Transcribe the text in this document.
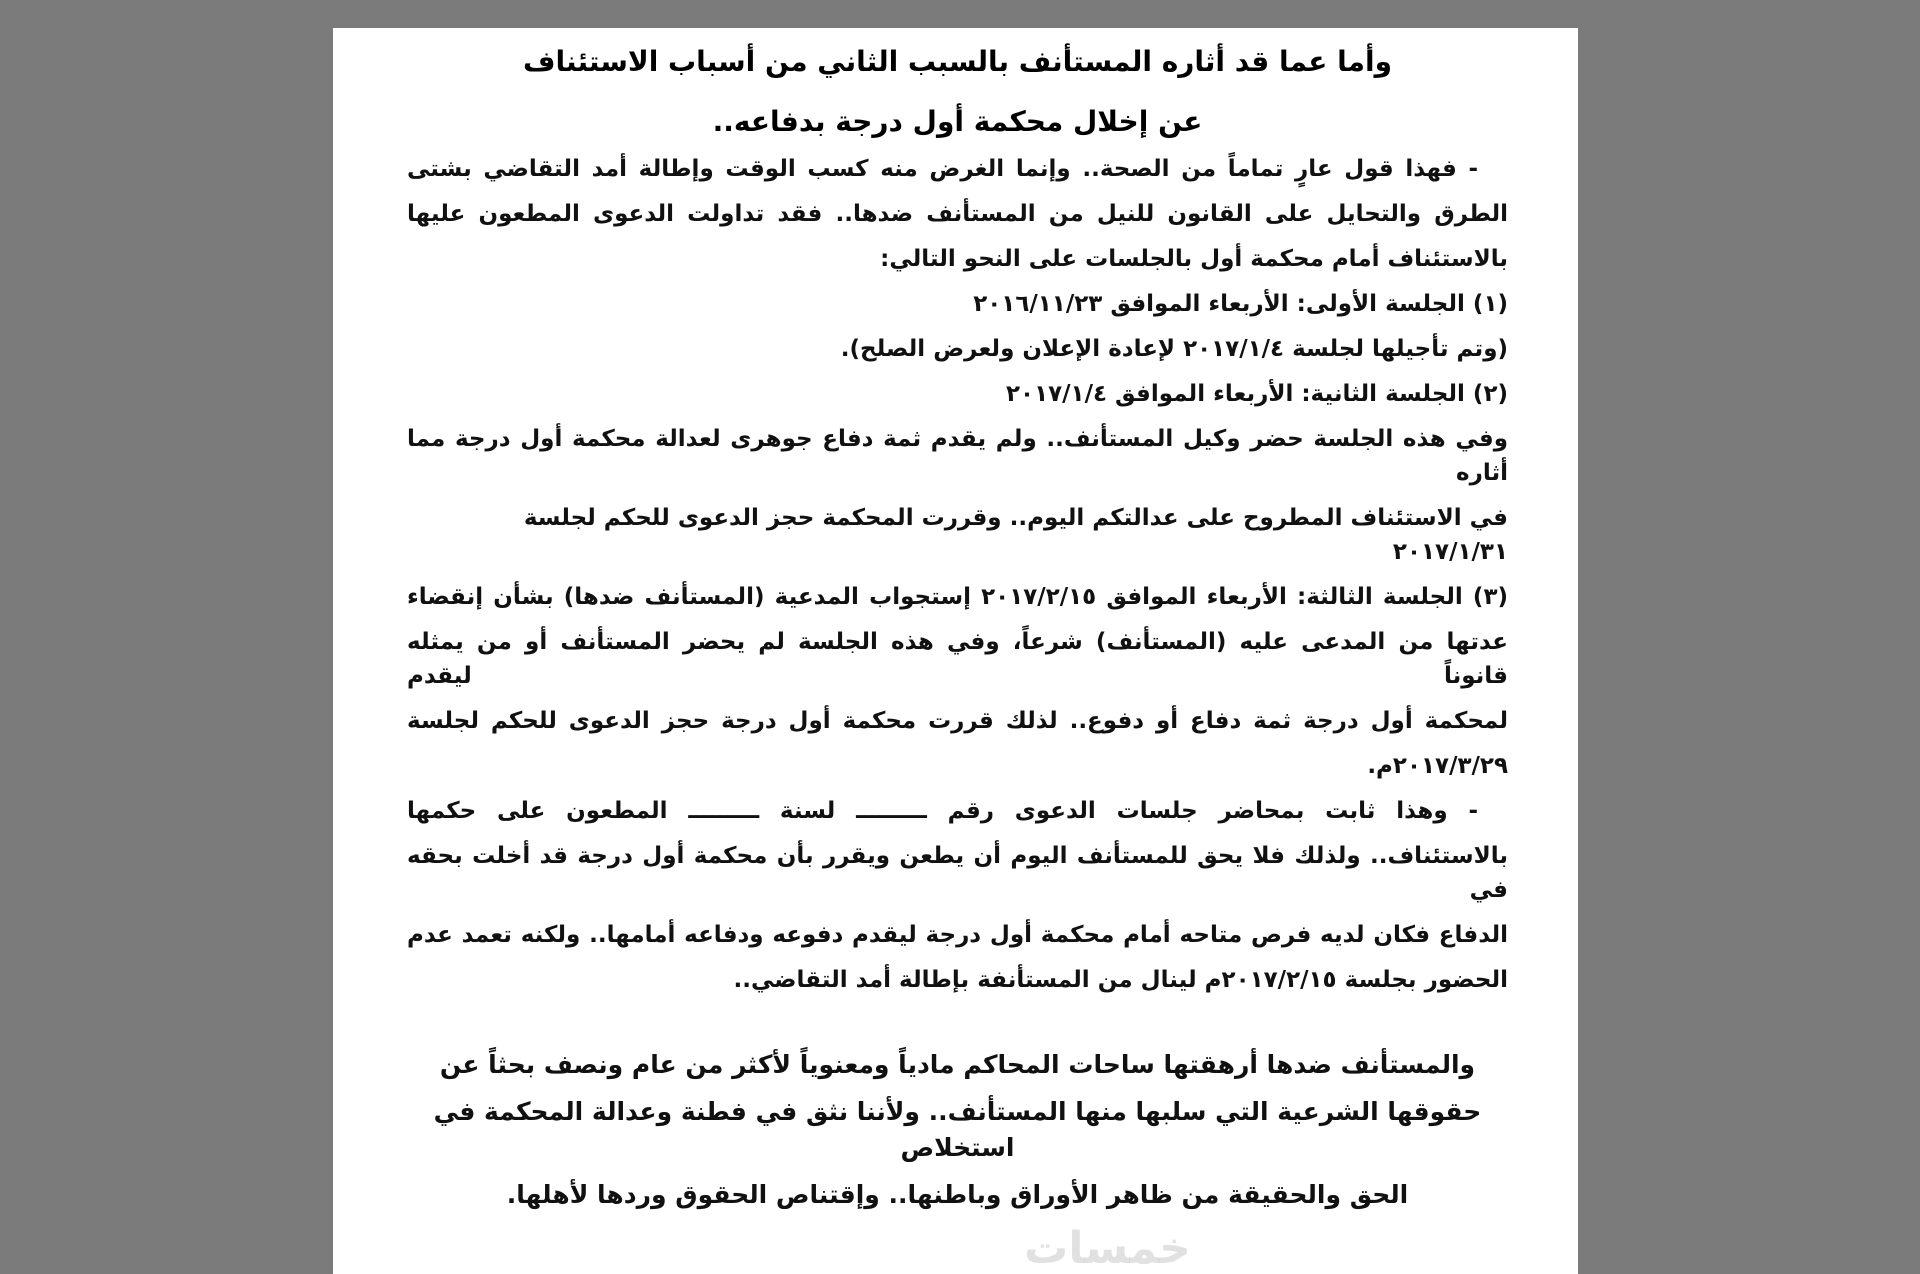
وأما عما قد أثاره المستأنف بالسبب الثاني من أسباب الاستئناف
عن إخلال محكمة أول درجة بدفاعه..
- فهذا قول عارٍ تماماً من الصحة.. وإنما الغرض منه كسب الوقت وإطالة أمد التقاضي بشتى
الطرق والتحايل على القانون للنيل من المستأنف ضدها.. فقد تداولت الدعوى المطعون عليها
بالاستئناف أمام محكمة أول بالجلسات على النحو التالي:
(١) الجلسة الأولى: الأربعاء الموافق ٢٠١٦/١١/٢٣
(وتم تأجيلها لجلسة ٢٠١٧/١/٤ لإعادة الإعلان ولعرض الصلح).
(٢) الجلسة الثانية: الأربعاء الموافق ٢٠١٧/١/٤
وفي هذه الجلسة حضر وكيل المستأنف.. ولم يقدم ثمة دفاع جوهرى لعدالة محكمة أول درجة مما أثاره
في الاستئناف المطروح على عدالتكم اليوم.. وقررت المحكمة حجز الدعوى للحكم لجلسة ٢٠١٧/١/٣١
(٣) الجلسة الثالثة: الأربعاء الموافق ٢٠١٧/٢/١٥ إستجواب المدعية (المستأنف ضدها) بشأن إنقضاء
عدتها من المدعى عليه (المستأنف) شرعاً، وفي هذه الجلسة لم يحضر المستأنف أو من يمثله قانوناً ليقدم
لمحكمة أول درجة ثمة دفاع أو دفوع.. لذلك قررت محكمة أول درجة حجز الدعوى للحكم لجلسة
٢٠١٧/٣/٢٩م.
- وهذا ثابت بمحاضر جلسات الدعوى رقم ـــــــــ لسنة ـــــــــ المطعون على حكمها
بالاستئناف.. ولذلك فلا يحق للمستأنف اليوم أن يطعن ويقرر بأن محكمة أول درجة قد أخلت بحقه في
الدفاع فكان لديه فرص متاحه أمام محكمة أول درجة ليقدم دفوعه ودفاعه أمامها.. ولكنه تعمد عدم
الحضور بجلسة ٢٠١٧/٢/١٥م لينال من المستأنفة بإطالة أمد التقاضي..
والمستأنف ضدها أرهقتها ساحات المحاكم مادياً ومعنوياً لأكثر من عام ونصف بحثاً عن
حقوقها الشرعية التي سلبها منها المستأنف.. ولأننا نثق في فطنة وعدالة المحكمة في استخلاص
الحق والحقيقة من ظاهر الأوراق وباطنها.. وإقتناص الحقوق وردها لأهلها.
خمسات
